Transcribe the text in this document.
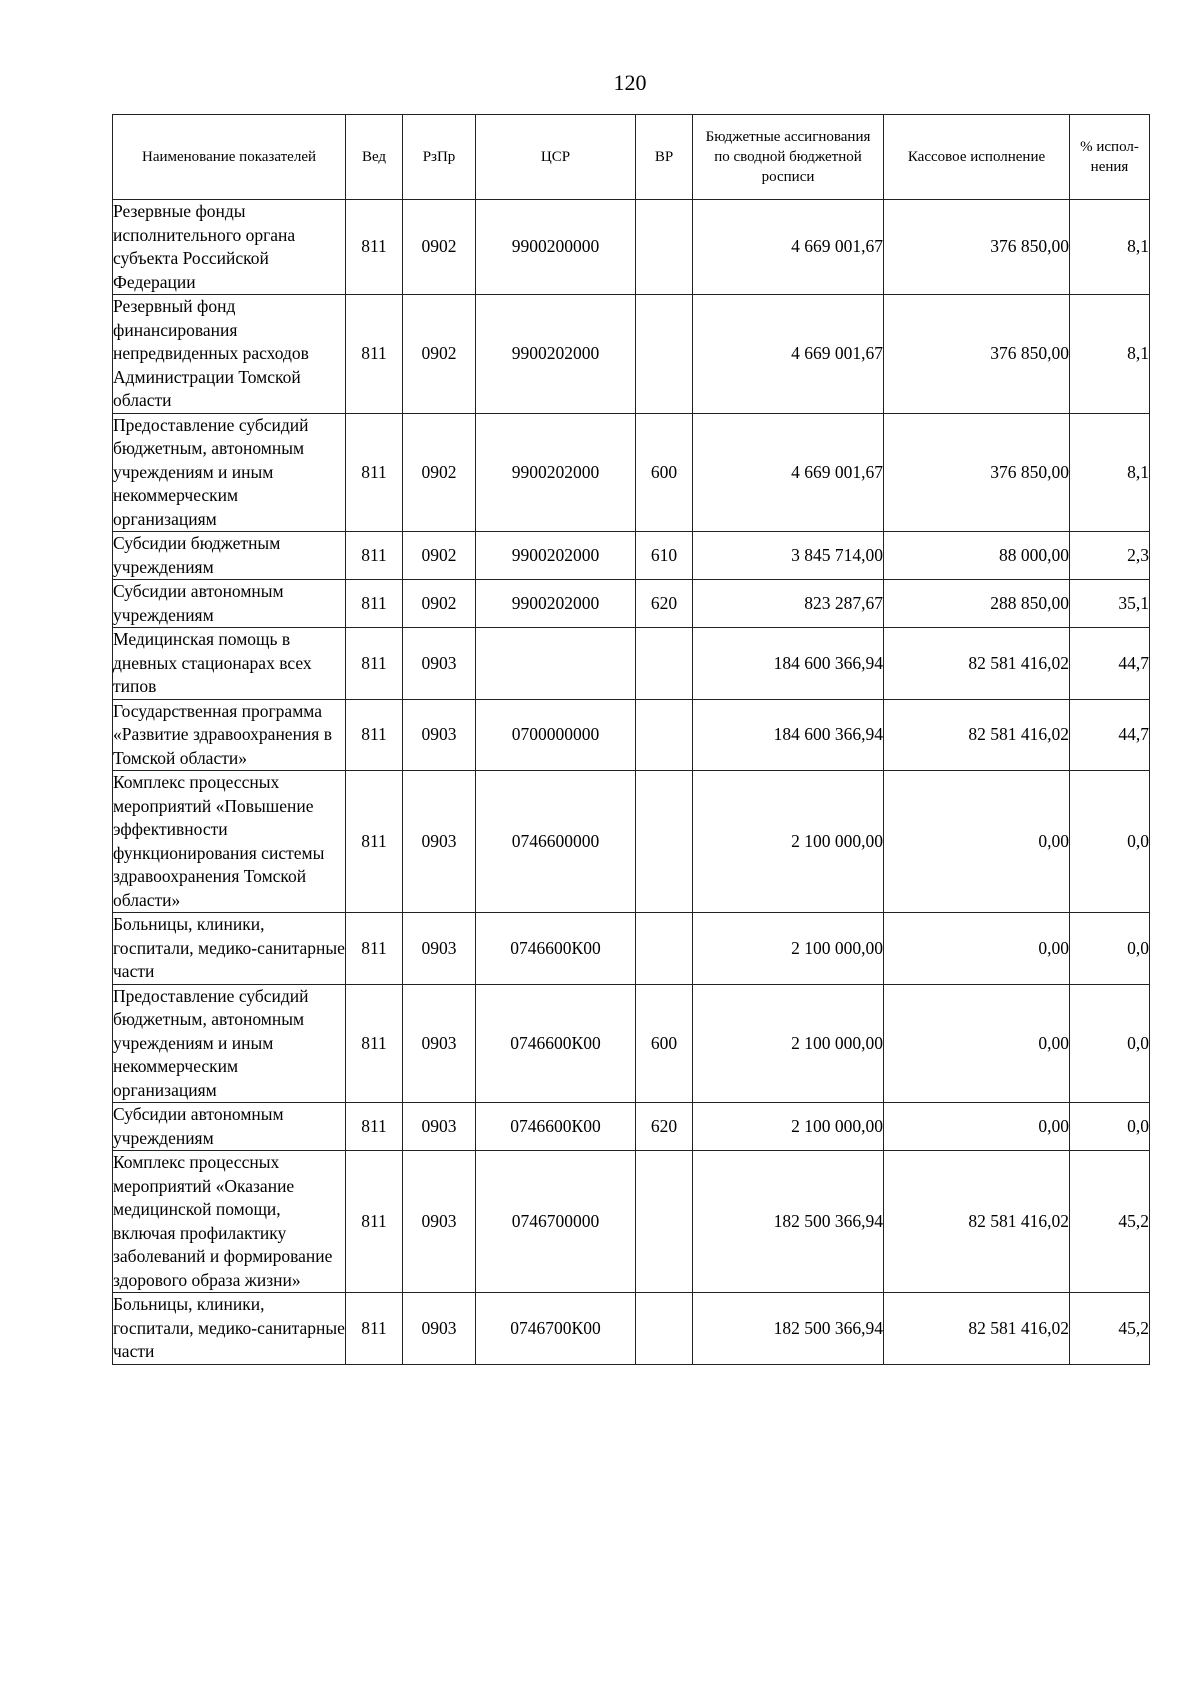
120
Наименование показателей	Вед	РзПр	ЦСР	ВР	Бюджетные ассигнования по сводной бюджетной росписи	Кассовое исполнение	% испол-нения
Резервные фонды исполнительного органа субъекта Российской Федерации	811	0902	9900200000		4 669 001,67	376 850,00	8,1
Резервный фонд финансирования непредвиденных расходов Администрации Томской области	811	0902	9900202000		4 669 001,67	376 850,00	8,1
Предоставление субсидий бюджетным, автономным учреждениям и иным некоммерческим организациям	811	0902	9900202000	600	4 669 001,67	376 850,00	8,1
Субсидии бюджетным учреждениям	811	0902	9900202000	610	3 845 714,00	88 000,00	2,3
Субсидии автономным учреждениям	811	0902	9900202000	620	823 287,67	288 850,00	35,1
Медицинская помощь в дневных стационарах всех типов	811	0903			184 600 366,94	82 581 416,02	44,7
Государственная программа «Развитие здравоохранения в Томской области»	811	0903	0700000000		184 600 366,94	82 581 416,02	44,7
Комплекс процессных мероприятий «Повышение эффективности функционирования системы здравоохранения Томской области»	811	0903	0746600000		2 100 000,00	0,00	0,0
Больницы, клиники, госпитали, медико-санитарные части	811	0903	0746600К00		2 100 000,00	0,00	0,0
Предоставление субсидий бюджетным, автономным учреждениям и иным некоммерческим организациям	811	0903	0746600К00	600	2 100 000,00	0,00	0,0
Субсидии автономным учреждениям	811	0903	0746600К00	620	2 100 000,00	0,00	0,0
Комплекс процессных мероприятий «Оказание медицинской помощи, включая профилактику заболеваний и формирование здорового образа жизни»	811	0903	0746700000		182 500 366,94	82 581 416,02	45,2
Больницы, клиники, госпитали, медико-санитарные части	811	0903	0746700К00		182 500 366,94	82 581 416,02	45,2
